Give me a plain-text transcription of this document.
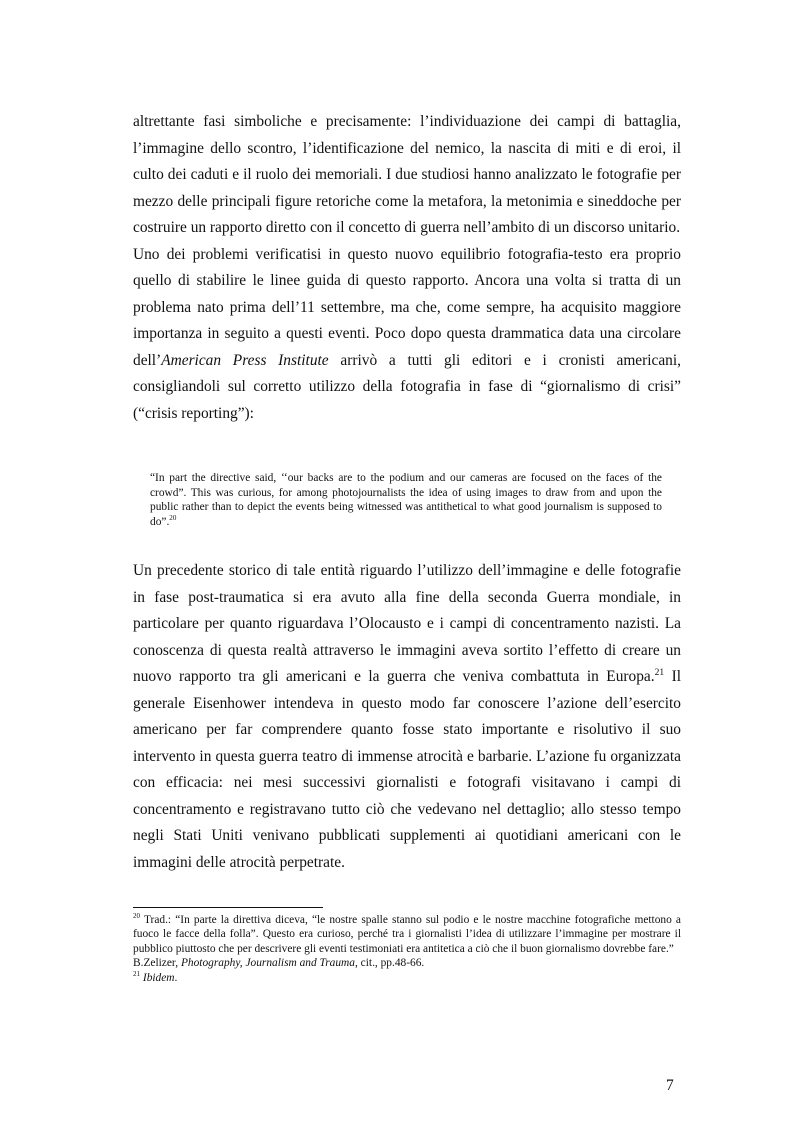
altrettante fasi simboliche e precisamente: l’individuazione dei campi di battaglia, l’immagine dello scontro, l’identificazione del nemico, la nascita di miti e di eroi, il culto dei caduti e il ruolo dei memoriali. I due studiosi hanno analizzato le fotografie per mezzo delle principali figure retoriche come la metafora, la metonimia e sineddoche per costruire un rapporto diretto con il concetto di guerra nell’ambito di un discorso unitario.

Uno dei problemi verificatisi in questo nuovo equilibrio fotografia-testo era proprio quello di stabilire le linee guida di questo rapporto. Ancora una volta si tratta di un problema nato prima dell’11 settembre, ma che, come sempre, ha acquisito maggiore importanza in seguito a questi eventi. Poco dopo questa drammatica data una circolare dell’American Press Institute arrivò a tutti gli editori e i cronisti americani, consigliandoli sul corretto utilizzo della fotografia in fase di “giornalismo di crisi” (“crisis reporting”):

“In part the directive said, ‘‘our backs are to the podium and our cameras are focused on the faces of the crowd”. This was curious, for among photojournalists the idea of using images to draw from and upon the public rather than to depict the events being witnessed was antithetical to what good journalism is supposed to do”.$^{20}$

Un precedente storico di tale entità riguardo l’utilizzo dell’immagine e delle fotografie in fase post-traumatica si era avuto alla fine della seconda Guerra mondiale, in particolare per quanto riguardava l’Olocausto e i campi di concentramento nazisti. La conoscenza di questa realtà attraverso le immagini aveva sortito l’effetto di creare un nuovo rapporto tra gli americani e la guerra che veniva combattuta in Europa.$^{21}$ Il generale Eisenhower intendeva in questo modo far conoscere l’azione dell’esercito americano per far comprendere quanto fosse stato importante e risolutivo il suo intervento in questa guerra teatro di immense atrocità e barbarie. L’azione fu organizzata con efficacia: nei mesi successivi giornalisti e fotografi visitavano i campi di concentramento e registravano tutto ciò che vedevano nel dettaglio; allo stesso tempo negli Stati Uniti venivano pubblicati supplementi ai quotidiani americani con le immagini delle atrocità perpetrate.

$^{20}$ Trad.: “In parte la direttiva diceva, “le nostre spalle stanno sul podio e le nostre macchine fotografiche mettono a fuoco le facce della folla”. Questo era curioso, perché tra i giornalisti l’idea di utilizzare l’immagine per mostrare il pubblico piuttosto che per descrivere gli eventi testimoniati era antitetica a ciò che il buon giornalismo dovrebbe fare.”

B.Zelizer, Photography, Journalism and Trauma, cit., pp.48-66.

$^{21}$ Ibidem.

7
